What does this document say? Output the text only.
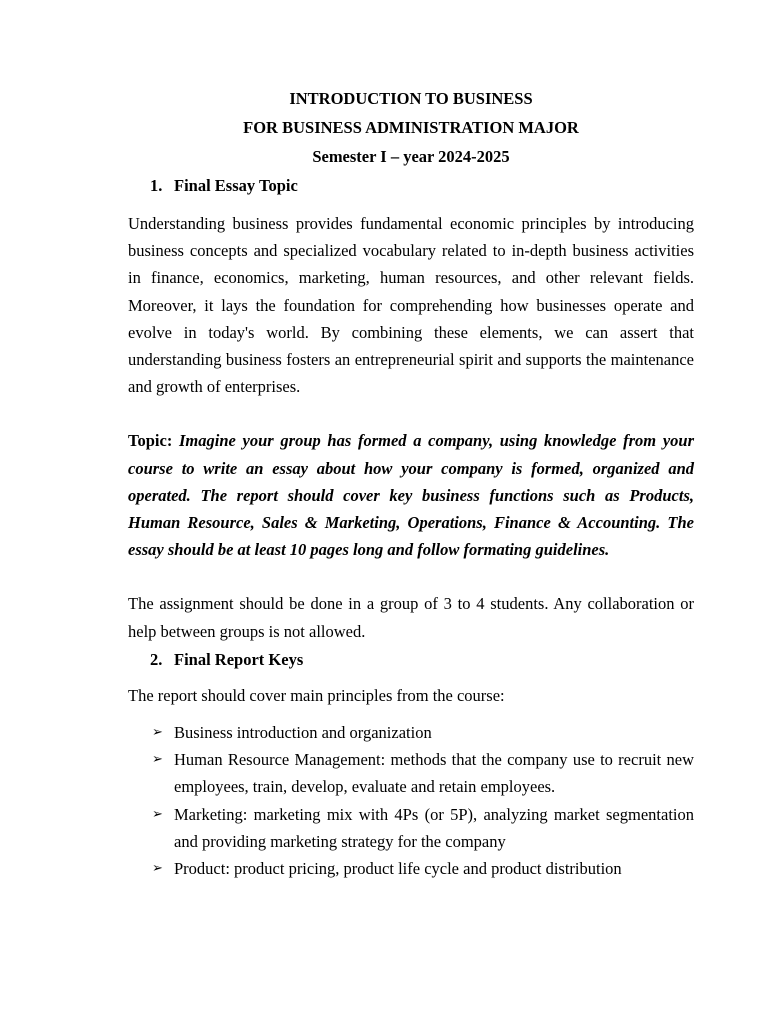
INTRODUCTION TO BUSINESS

FOR BUSINESS ADMINISTRATION MAJOR

Semester I – year 2024-2025

1. Final Essay Topic

Understanding business provides fundamental economic principles by introducing business concepts and specialized vocabulary related to in-depth business activities in finance, economics, marketing, human resources, and other relevant fields. Moreover, it lays the foundation for comprehending how businesses operate and evolve in today's world. By combining these elements, we can assert that understanding business fosters an entrepreneurial spirit and supports the maintenance and growth of enterprises.

Topic: Imagine your group has formed a company, using knowledge from your course to write an essay about how your company is formed, organized and operated. The report should cover key business functions such as Products, Human Resource, Sales & Marketing, Operations, Finance & Accounting. The essay should be at least 10 pages long and follow formating guidelines.

The assignment should be done in a group of 3 to 4 students. Any collaboration or help between groups is not allowed.

2. Final Report Keys

The report should cover main principles from the course:

➢ Business introduction and organization
➢ Human Resource Management: methods that the company use to recruit new employees, train, develop, evaluate and retain employees.
➢ Marketing: marketing mix with 4Ps (or 5P), analyzing market segmentation and providing marketing strategy for the company
➢ Product: product pricing, product life cycle and product distribution
